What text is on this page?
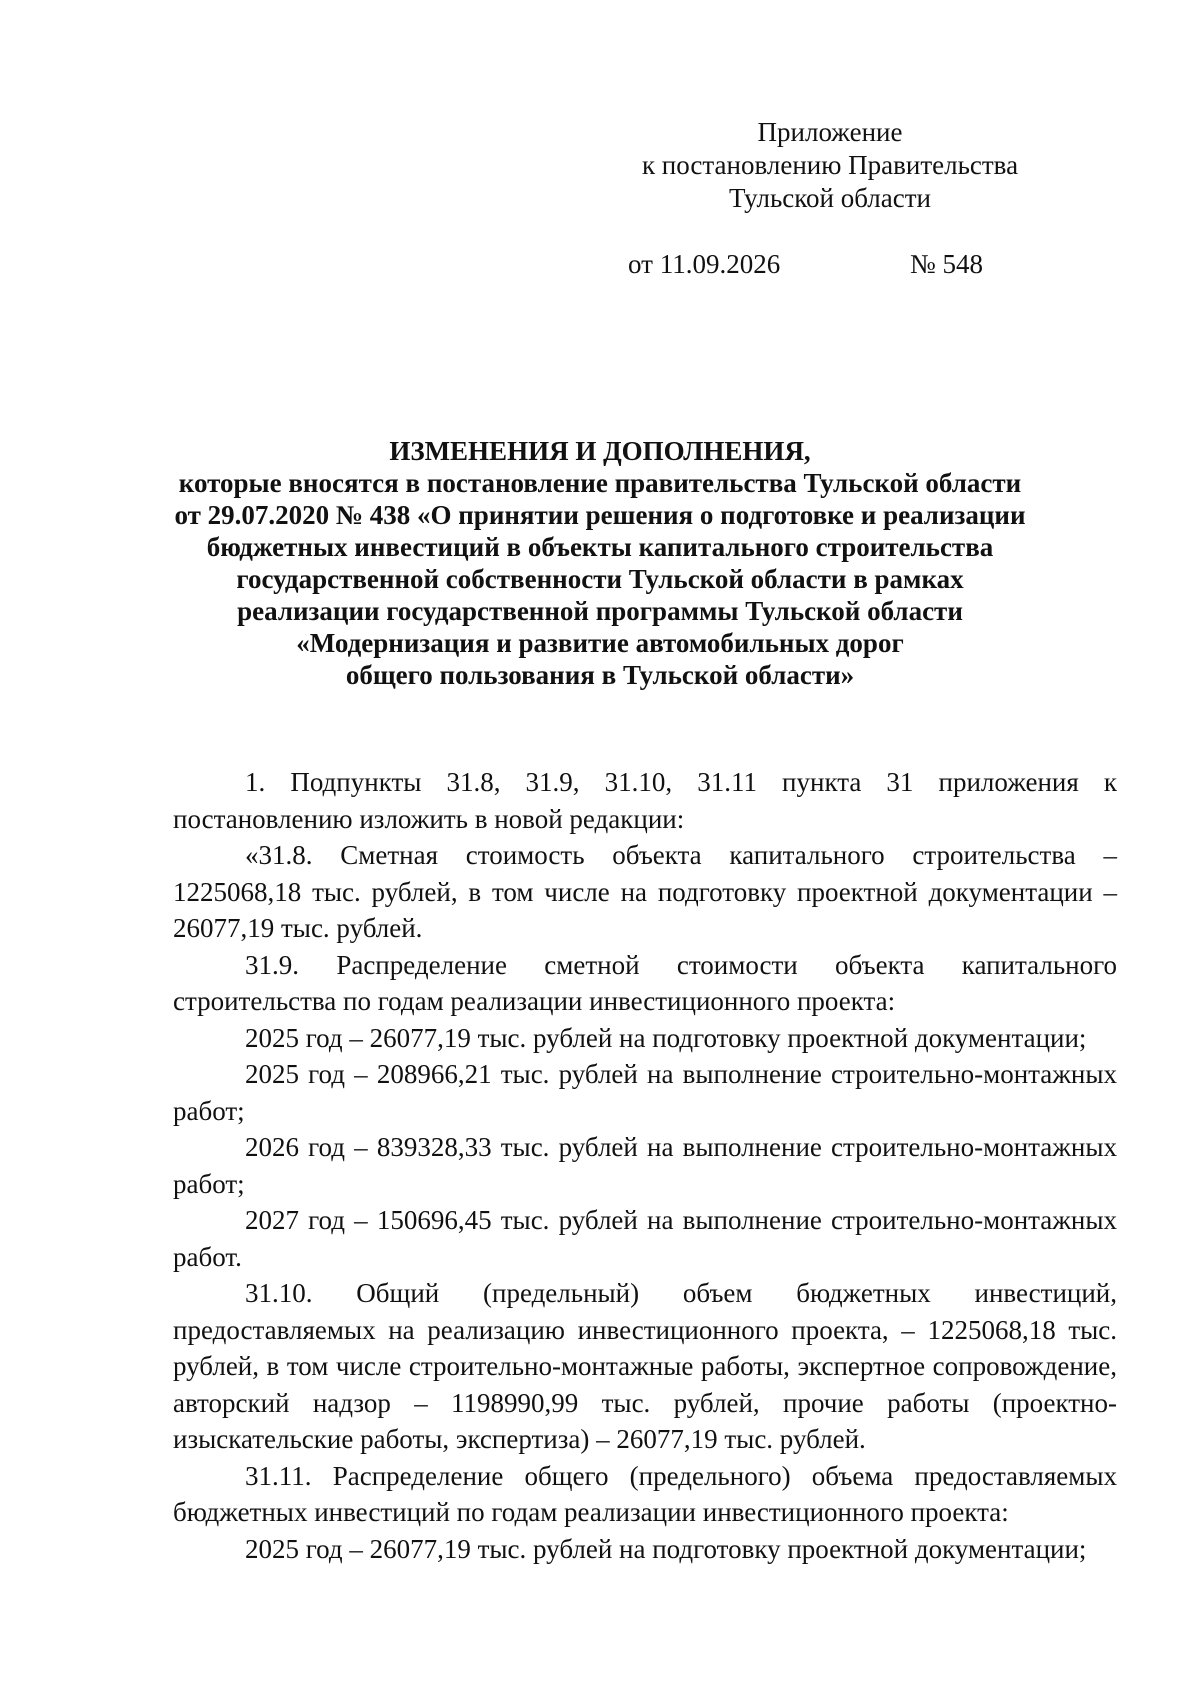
Приложение
к постановлению Правительства
Тульской области
от 11.09.2026	№ 548
ИЗМЕНЕНИЯ И ДОПОЛНЕНИЯ,
которые вносятся в постановление правительства Тульской области
от 29.07.2020 № 438 «О принятии решения о подготовке и реализации
бюджетных инвестиций в объекты капитального строительства
государственной собственности Тульской области в рамках
реализации государственной программы Тульской области
«Модернизация и развитие автомобильных дорог
общего пользования в Тульской области»

1. Подпункты 31.8, 31.9, 31.10, 31.11 пункта 31 приложения к постановлению изложить в новой редакции:

«31.8. Сметная стоимость объекта капитального строительства – 1225068,18 тыс. рублей, в том числе на подготовку проектной документации – 26077,19 тыс. рублей.

31.9. Распределение сметной стоимости объекта капитального строительства по годам реализации инвестиционного проекта:

2025 год – 26077,19 тыс. рублей на подготовку проектной документации;

2025 год – 208966,21 тыс. рублей на выполнение строительно-монтажных работ;

2026 год – 839328,33 тыс. рублей на выполнение строительно-монтажных работ;

2027 год – 150696,45 тыс. рублей на выполнение строительно-монтажных работ.

31.10. Общий (предельный) объем бюджетных инвестиций, предоставляемых на реализацию инвестиционного проекта, – 1225068,18 тыс. рублей, в том числе строительно-монтажные работы, экспертное сопровождение, авторский надзор – 1198990,99 тыс. рублей, прочие работы (проектно-изыскательские работы, экспертиза) – 26077,19 тыс. рублей.

31.11. Распределение общего (предельного) объема предоставляемых бюджетных инвестиций по годам реализации инвестиционного проекта:

2025 год – 26077,19 тыс. рублей на подготовку проектной документации;
